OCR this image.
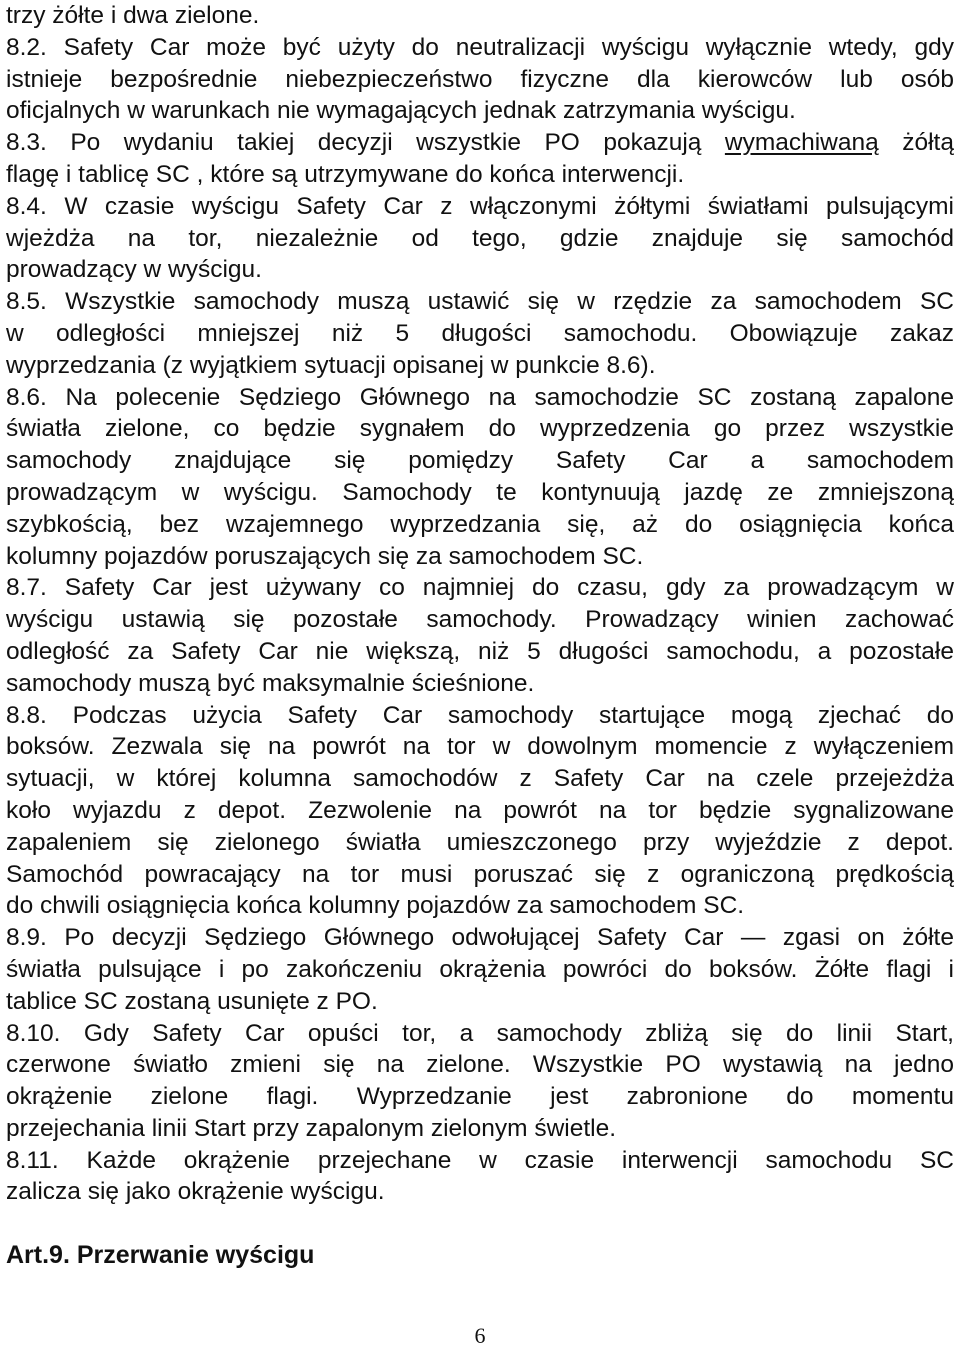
trzy żółte i dwa zielone.
8.2. Safety Car może być użyty do neutralizacji wyścigu wyłącznie wtedy, gdy
istnieje bezpośrednie niebezpieczeństwo fizyczne dla kierowców lub osób
oficjalnych w warunkach nie wymagających jednak zatrzymania wyścigu.
8.3. Po wydaniu takiej decyzji wszystkie PO pokazują wymachiwaną żółtą
flagę i tablicę SC , które są utrzymywane do końca interwencji.
8.4. W czasie wyścigu Safety Car z włączonymi żółtymi światłami pulsującymi
wjeżdża na tor, niezależnie od tego, gdzie znajduje się samochód
prowadzący w wyścigu.
8.5. Wszystkie samochody muszą ustawić się w rzędzie za samochodem SC
w odległości mniejszej niż 5 długości samochodu. Obowiązuje zakaz
wyprzedzania (z wyjątkiem sytuacji opisanej w punkcie 8.6).
8.6. Na polecenie Sędziego Głównego na samochodzie SC zostaną zapalone
światła zielone, co będzie sygnałem do wyprzedzenia go przez wszystkie
samochody znajdujące się pomiędzy Safety Car a samochodem
prowadzącym w wyścigu. Samochody te kontynuują jazdę ze zmniejszoną
szybkością, bez wzajemnego wyprzedzania się, aż do osiągnięcia końca
kolumny pojazdów poruszających się za samochodem SC.
8.7. Safety Car jest używany co najmniej do czasu, gdy za prowadzącym w
wyścigu ustawią się pozostałe samochody. Prowadzący winien zachować
odległość za Safety Car nie większą, niż 5 długości samochodu, a pozostałe
samochody muszą być maksymalnie ścieśnione.
8.8. Podczas użycia Safety Car samochody startujące mogą zjechać do
boksów. Zezwala się na powrót na tor w dowolnym momencie z wyłączeniem
sytuacji, w której kolumna samochodów z Safety Car na czele przejeżdża
koło wyjazdu z depot. Zezwolenie na powrót na tor będzie sygnalizowane
zapaleniem się zielonego światła umieszczonego przy wyjeździe z depot.
Samochód powracający na tor musi poruszać się z ograniczoną prędkością
do chwili osiągnięcia końca kolumny pojazdów za samochodem SC.
8.9. Po decyzji Sędziego Głównego odwołującej Safety Car — zgasi on żółte
światła pulsujące i po zakończeniu okrążenia powróci do boksów. Żółte flagi i
tablice SC zostaną usunięte z PO.
8.10. Gdy Safety Car opuści tor, a samochody zbliżą się do linii Start,
czerwone światło zmieni się na zielone. Wszystkie PO wystawią na jedno
okrążenie zielone flagi. Wyprzedzanie jest zabronione do momentu
przejechania linii Start przy zapalonym zielonym świetle.
8.11. Każde okrążenie przejechane w czasie interwencji samochodu SC
zalicza się jako okrążenie wyścigu.
Art.9. Przerwanie wyścigu
6
